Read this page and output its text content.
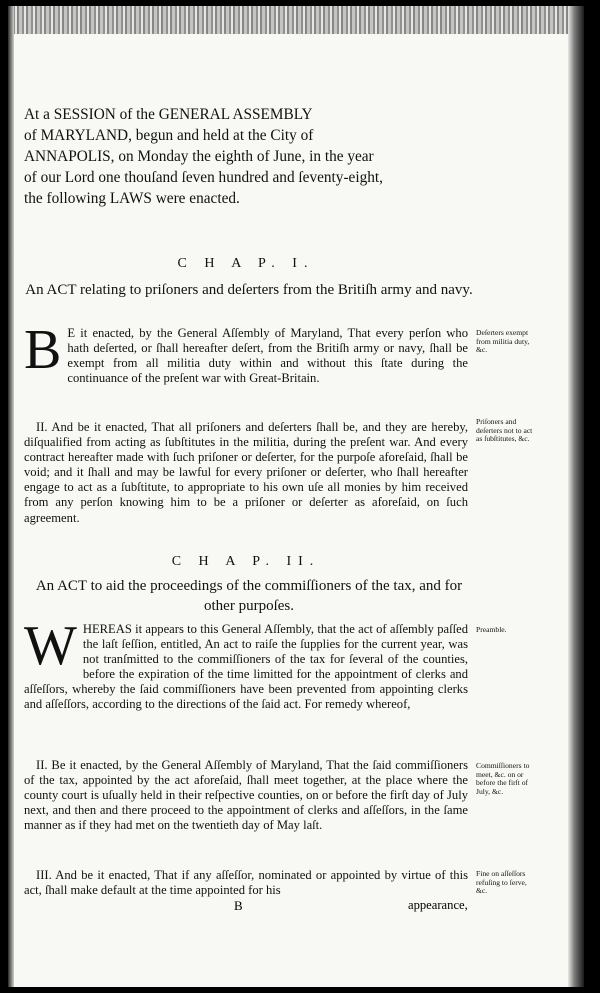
At a SESSION of the GENERAL ASSEMBLY
of MARYLAND, begun and held at the City of
ANNAPOLIS, on Monday the eighth of June, in the year
of our Lord one thouſand ſeven hundred and ſeventy-eight,
the following LAWS were enacted.

C H A P. I.

An ACT relating to priſoners and deſerters from the Britiſh army and navy.

B E it enacted, by the General Aſſembly of Maryland, That every perſon who hath deſerted, or ſhall hereafter deſert, from the Britiſh army or navy, ſhall be exempt from all militia duty within and without this ſtate during the continuance of the preſent war with Great-Britain.

II. And be it enacted, That all priſoners and deſerters ſhall be, and they are hereby, diſqualified from acting as ſubſtitutes in the militia, during the preſent war. And every contract hereafter made with ſuch priſoner or deſerter, for the purpoſe aforeſaid, ſhall be void; and it ſhall and may be lawful for every priſoner or deſerter, who ſhall hereafter engage to act as a ſubſtitute, to appropriate to his own uſe all monies by him received from any perſon knowing him to be a priſoner or deſerter as aforeſaid, on ſuch agreement.

C H A P. II.

An ACT to aid the proceedings of the commiſſioners of the tax, and for other purpoſes.

WHEREAS it appears to this General Aſſembly, that the act of aſſembly paſſed the laſt ſeſſion, entitled, An act to raiſe the ſupplies for the current year, was not tranſmitted to the commiſſioners of the tax for ſeveral of the counties, before the expiration of the time limitted for the appointment of clerks and aſſeſſors, whereby the ſaid commiſſioners have been prevented from appointing clerks and aſſeſſors, according to the directions of the ſaid act. For remedy whereof,

II. Be it enacted, by the General Aſſembly of Maryland, That the ſaid commiſſioners of the tax, appointed by the act aforeſaid, ſhall meet together, at the place where the county court is uſually held in their reſpective counties, on or before the firſt day of July next, and then and there proceed to the appointment of clerks and aſſeſſors, in the ſame manner as if they had met on the twentieth day of May laſt.

III. And be it enacted, That if any aſſeſſor, nominated or appointed by virtue of this act, ſhall make default at the time appointed for his

Deſerters exempt from militia duty, &c.
Priſoners and deſerters not to act as ſubſtitutes, &c.
Preamble.
Commiſſioners to meet, &c. on or before the firſt of July, &c.
Fine on aſſeſſors refuſing to ſerve, &c.
B	appearance,
